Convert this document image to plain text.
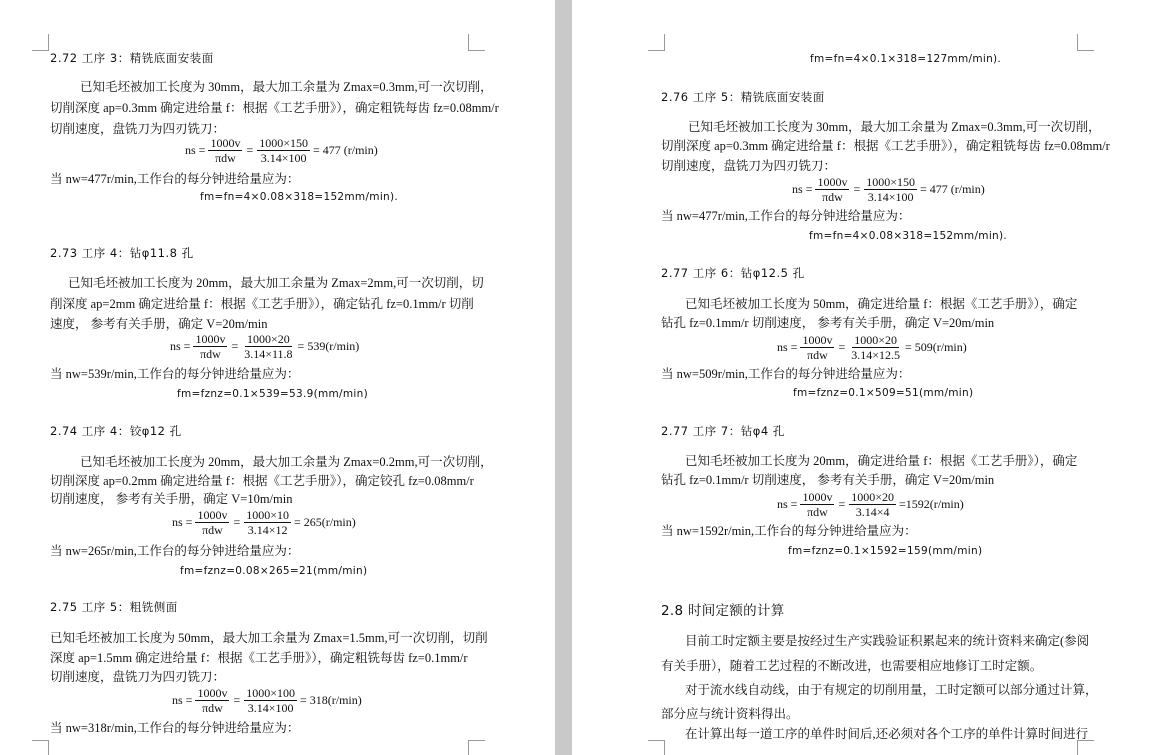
2.72 工序 3：精铣底面安装面
已知毛坯被加工长度为 30mm，最大加工余量为 Zmax=0.3mm,可一次切削，
切削深度 ap=0.3mm 确定进给量 f：根据《工艺手册》），确定粗铣每齿 fz=0.08mm/r
切削速度，盘铣刀为四刃铣刀：
ns = $\frac{1000v}{\text{πdw}} = \frac{1000\times 150}{3.14\times 100} = 477$ (r/min)
当 nw=477r/min,工作台的每分钟进给量应为：
fm=fn=4×0.08×318=152mm/min).
2.73 工序 4：钻φ11.8 孔
已知毛坯被加工长度为 20mm，最大加工余量为 Zmax=2mm,可一次切削，切
削深度 ap=2mm 确定进给量 f：根据《工艺手册》），确定钻孔 fz=0.1mm/r 切削
速度， 参考有关手册，确定 V=20m/min
ns = $\frac{1000v}{\text{πdw}} = \frac{1000\times 20}{3.14\times 11.8} = 539(r/\min)$
当 nw=539r/min,工作台的每分钟进给量应为：
fm=fznz=0.1×539=53.9(mm/min)
2.74 工序 4：铰φ12 孔
已知毛坯被加工长度为 20mm，最大加工余量为 Zmax=0.2mm,可一次切削，
切削深度 ap=0.2mm 确定进给量 f：根据《工艺手册》），确定铰孔 fz=0.08mm/r
切削速度， 参考有关手册，确定 V=10m/min
ns = $\frac{1000v}{\text{πdw}} = \frac{1000\times 10}{3.14\times 12} = 265(r/\min)$
当 nw=265r/min,工作台的每分钟进给量应为：
fm=fznz=0.08×265=21(mm/min)
2.75 工序 5：粗铣侧面
已知毛坯被加工长度为 50mm，最大加工余量为 Zmax=1.5mm,可一次切削，切削
深度 ap=1.5mm 确定进给量 f：根据《工艺手册》），确定粗铣每齿 fz=0.1mm/r
切削速度，盘铣刀为四刃铣刀：
ns = $\frac{1000v}{\text{πdw}} = \frac{1000\times 100}{3.14\times 100} = 318(r/\min)$
当 nw=318r/min,工作台的每分钟进给量应为：
fm=fn=4×0.1×318=127mm/min).
2.76 工序 5：精铣底面安装面
已知毛坯被加工长度为 30mm，最大加工余量为 Zmax=0.3mm,可一次切削，
切削深度 ap=0.3mm 确定进给量 f：根据《工艺手册》），确定粗铣每齿 fz=0.08mm/r
切削速度，盘铣刀为四刃铣刀：
ns = $\frac{1000v}{\text{πdw}} = \frac{1000\times 150}{3.14\times 100} = 477$ (r/min)
当 nw=477r/min,工作台的每分钟进给量应为：
fm=fn=4×0.08×318=152mm/min).
2.77 工序 6：钻φ12.5 孔
已知毛坯被加工长度为 50mm，确定进给量 f：根据《工艺手册》），确定
钻孔 fz=0.1mm/r 切削速度， 参考有关手册，确定 V=20m/min
ns = $\frac{1000v}{\text{πdw}} = \frac{1000\times 20}{3.14\times 12.5} = 509(r/\min)$
当 nw=509r/min,工作台的每分钟进给量应为：
fm=fznz=0.1×509=51(mm/min)
2.77 工序 7：钻φ4 孔
已知毛坯被加工长度为 20mm，确定进给量 f：根据《工艺手册》），确定
钻孔 fz=0.1mm/r 切削速度， 参考有关手册，确定 V=20m/min
ns = $\frac{1000v}{\text{πdw}} = \frac{1000\times 20}{3.14\times 4} =1592(r/\min)$
当 nw=1592r/min,工作台的每分钟进给量应为：
fm=fznz=0.1×1592=159(mm/min)
2.8 时间定额的计算
目前工时定额主要是按经过生产实践验证积累起来的统计资料来确定(参阅
有关手册），随着工艺过程的不断改进，也需要相应地修订工时定额。
对于流水线自动线，由于有规定的切削用量，工时定额可以部分通过计算，
部分应与统计资料得出。
在计算出每一道工序的单件时间后,还必须对各个工序的单件计算时间进行
